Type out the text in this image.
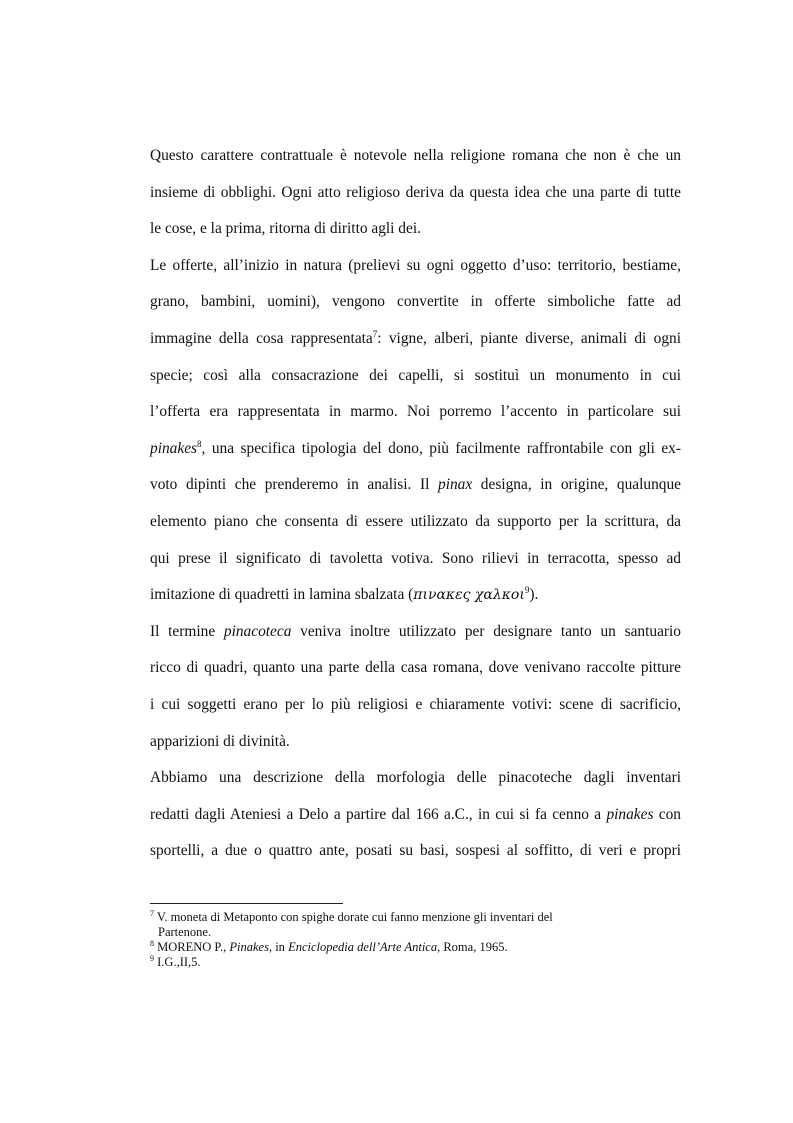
Questo carattere contrattuale è notevole nella religione romana che non è che un
insieme di obblighi. Ogni atto religioso deriva da questa idea che una parte di tutte
le cose, e la prima, ritorna di diritto agli dei.
Le offerte, all’inizio in natura (prelievi su ogni oggetto d’uso: territorio, bestiame,
grano, bambini, uomini), vengono convertite in offerte simboliche fatte ad
immagine della cosa rappresentata$^7$: vigne, alberi, piante diverse, animali di ogni
specie; così alla consacrazione dei capelli, si sostituì un monumento in cui
l’offerta era rappresentata in marmo. Noi porremo l’accento in particolare sui
pinakes$^8$, una specifica tipologia del dono, più facilmente raffrontabile con gli ex-
voto dipinti che prenderemo in analisi. Il pinax designa, in origine, qualunque
elemento piano che consenta di essere utilizzato da supporto per la scrittura, da
qui prese il significato di tavoletta votiva. Sono rilievi in terracotta, spesso ad
imitazione di quadretti in lamina sbalzata (πινακες χαλκοι$^9$).
Il termine pinacoteca veniva inoltre utilizzato per designare tanto un santuario
ricco di quadri, quanto una parte della casa romana, dove venivano raccolte pitture
i cui soggetti erano per lo più religiosi e chiaramente votivi: scene di sacrificio,
apparizioni di divinità.
Abbiamo una descrizione della morfologia delle pinacoteche dagli inventari
redatti dagli Ateniesi a Delo a partire dal 166 a.C., in cui si fa cenno a pinakes con
sportelli, a due o quattro ante, posati su basi, sospesi al soffitto, di veri e propri
$^7$ V. moneta di Metaponto con spighe dorate cui fanno menzione gli inventari del
Partenone.
$^8$ MORENO P., Pinakes, in Enciclopedia dell’Arte Antica, Roma, 1965.
$^9$ I.G.,II,5.
